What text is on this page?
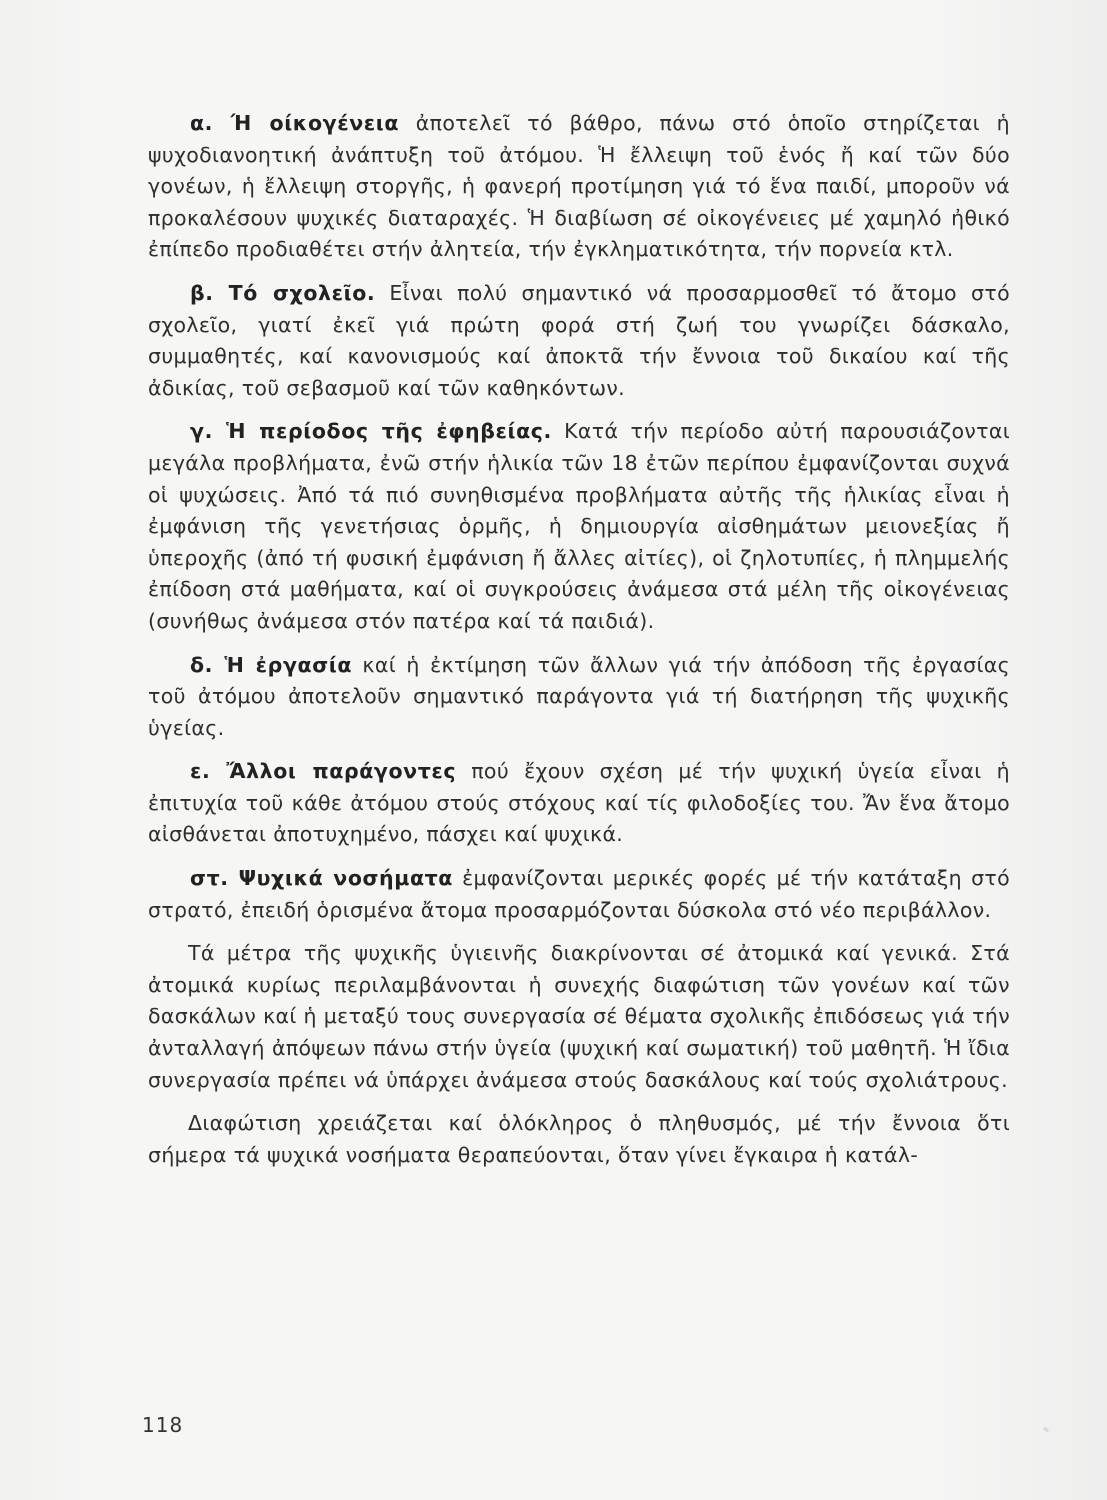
α. Ή οίκογένεια ἀποτελεῖ τό βάθρο, πάνω στό ὁποῖο στηρίζεται ἡ ψυχοδιανοητική ἀνάπτυξη τοῦ ἀτόμου. Ἡ ἔλλειψη τοῦ ἑνός ἤ καί τῶν δύο γονέων, ἡ ἔλλειψη στοργῆς, ἡ φανερή προτίμηση γιά τό ἕνα παιδί, μποροῦν νά προκαλέσουν ψυχικές διαταραχές. Ἡ διαβίωση σέ οἰκογένειες μέ χαμηλό ἠθικό ἐπίπεδο προδιαθέτει στήν ἀλητεία, τήν ἐγκληματικότητα, τήν πορνεία κτλ.

β. Τό σχολεῖο. Εἶναι πολύ σημαντικό νά προσαρμοσθεῖ τό ἄτομο στό σχολεῖο, γιατί ἐκεῖ γιά πρώτη φορά στή ζωή του γνωρίζει δάσκαλο, συμμαθητές, καί κανονισμούς καί ἀποκτᾶ τήν ἔννοια τοῦ δικαίου καί τῆς ἀδικίας, τοῦ σεβασμοῦ καί τῶν καθηκόντων.

γ. Ἡ περίοδος τῆς ἐφηβείας. Κατά τήν περίοδο αὐτή παρουσιάζονται μεγάλα προβλήματα, ἐνῶ στήν ἡλικία τῶν 18 ἐτῶν περίπου ἐμφανίζονται συχνά οἱ ψυχώσεις. Ἀπό τά πιό συνηθισμένα προβλήματα αὐτῆς τῆς ἡλικίας εἶναι ἡ ἐμφάνιση τῆς γενετήσιας ὁρμῆς, ἡ δημιουργία αἰσθημάτων μειονεξίας ἤ ὑπεροχῆς (ἀπό τή φυσική ἐμφάνιση ἤ ἄλλες αἰτίες), οἱ ζηλοτυπίες, ἡ πλημμελής ἐπίδοση στά μαθήματα, καί οἱ συγκρούσεις ἀνάμεσα στά μέλη τῆς οἰκογένειας (συνήθως ἀνάμεσα στόν πατέρα καί τά παιδιά).

δ. Ἡ ἐργασία καί ἡ ἐκτίμηση τῶν ἄλλων γιά τήν ἀπόδοση τῆς ἐργασίας τοῦ ἀτόμου ἀποτελοῦν σημαντικό παράγοντα γιά τή διατήρηση τῆς ψυχικῆς ὑγείας.

ε. Ἄλλοι παράγοντες πού ἔχουν σχέση μέ τήν ψυχική ὑγεία εἶναι ἡ ἐπιτυχία τοῦ κάθε ἀτόμου στούς στόχους καί τίς φιλοδοξίες του. Ἄν ἕνα ἄτομο αἰσθάνεται ἀποτυχημένο, πάσχει καί ψυχικά.

στ. Ψυχικά νοσήματα ἐμφανίζονται μερικές φορές μέ τήν κατάταξη στό στρατό, ἐπειδή ὁρισμένα ἄτομα προσαρμόζονται δύσκολα στό νέο περιβάλλον.

Τά μέτρα τῆς ψυχικῆς ὑγιεινῆς διακρίνονται σέ ἀτομικά καί γενικά. Στά ἀτομικά κυρίως περιλαμβάνονται ἡ συνεχής διαφώτιση τῶν γονέων καί τῶν δασκάλων καί ἡ μεταξύ τους συνεργασία σέ θέματα σχολικῆς ἐπιδόσεως γιά τήν ἀνταλλαγή ἀπόψεων πάνω στήν ὑγεία (ψυχική καί σωματική) τοῦ μαθητῆ. Ἡ ἴδια συνεργασία πρέπει νά ὑπάρχει ἀνάμεσα στούς δασκάλους καί τούς σχολιάτρους.

Διαφώτιση χρειάζεται καί ὁλόκληρος ὁ πληθυσμός, μέ τήν ἔννοια ὅτι σήμερα τά ψυχικά νοσήματα θεραπεύονται, ὅταν γίνει ἔγκαιρα ἡ κατάλ-

118
